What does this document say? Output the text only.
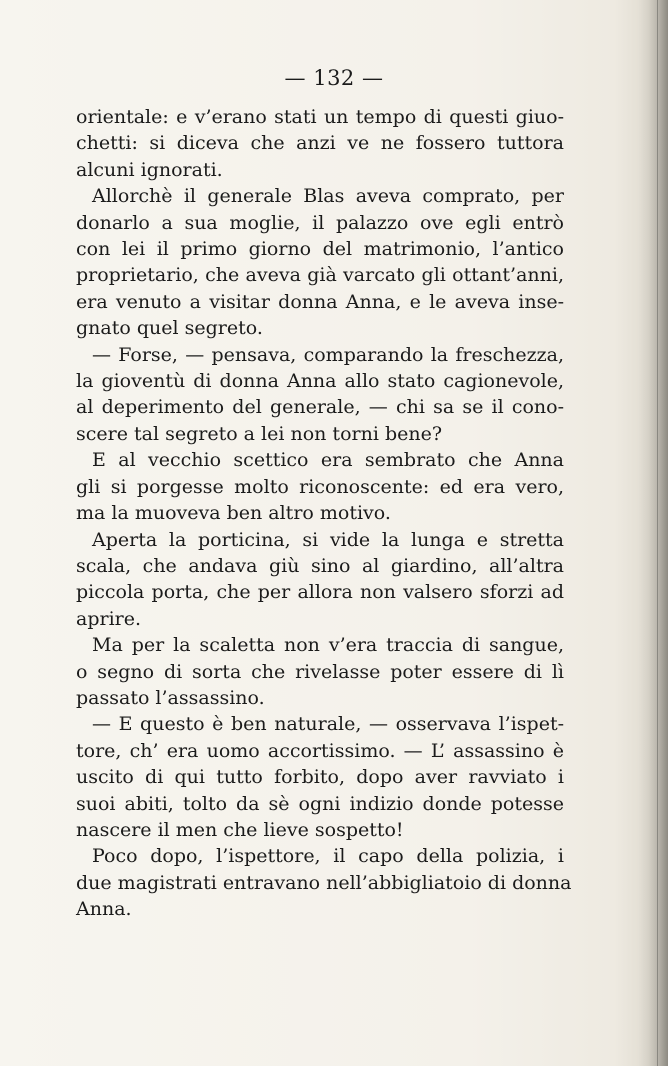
— 132 —
orientale: e v’erano stati un tempo di questi giuo-
chetti: si diceva che anzi ve ne fossero tuttora
alcuni ignorati.
Allorchè il generale Blas aveva comprato, per
donarlo a sua moglie, il palazzo ove egli entrò
con lei il primo giorno del matrimonio, l’antico
proprietario, che aveva già varcato gli ottant’anni,
era venuto a visitar donna Anna, e le aveva inse-
gnato quel segreto.
— Forse, — pensava, comparando la freschezza,
la gioventù di donna Anna allo stato cagionevole,
al deperimento del generale, — chi sa se il cono-
scere tal segreto a lei non torni bene?
E al vecchio scettico era sembrato che Anna
gli si porgesse molto riconoscente: ed era vero,
ma la muoveva ben altro motivo.
Aperta la porticina, si vide la lunga e stretta
scala, che andava giù sino al giardino, all’altra
piccola porta, che per allora non valsero sforzi ad
aprire.
Ma per la scaletta non v’era traccia di sangue,
o segno di sorta che rivelasse poter essere di lì
passato l’assassino.
— E questo è ben naturale, — osservava l’ispet-
tore, ch’ era uomo accortissimo. — L’ assassino è
uscito di qui tutto forbito, dopo aver ravviato i
suoi abiti, tolto da sè ogni indizio donde potesse
nascere il men che lieve sospetto!
Poco dopo, l’ispettore, il capo della polizia, i
due magistrati entravano nell’abbigliatoio di donna
Anna.
